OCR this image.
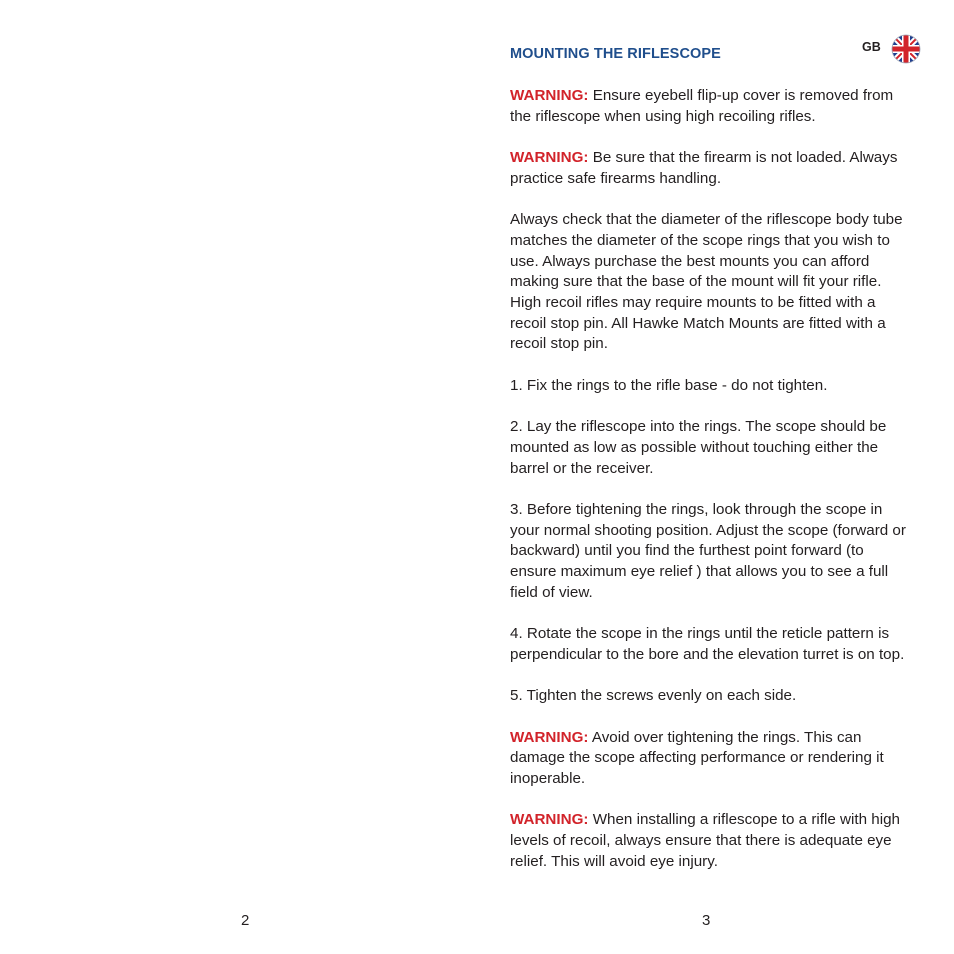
MOUNTING THE RIFLESCOPE	GB

WARNING: Ensure eyebell flip-up cover is removed from the riflescope when using high recoiling rifles.

WARNING: Be sure that the firearm is not loaded. Always practice safe firearms handling.

Always check that the diameter of the riflescope body tube matches the diameter of the scope rings that you wish to use. Always purchase the best mounts you can afford making sure that the base of the mount will fit your rifle. High recoil rifles may require mounts to be fitted with a recoil stop pin. All Hawke Match Mounts are fitted with a recoil stop pin.

1. Fix the rings to the rifle base - do not tighten.

2. Lay the riflescope into the rings. The scope should be mounted as low as possible without touching either the barrel or the receiver.

3. Before tightening the rings, look through the scope in your normal shooting position. Adjust the scope (forward or backward) until you find the furthest point forward (to ensure maximum eye relief ) that allows you to see a full field of view.

4. Rotate the scope in the rings until the reticle pattern is perpendicular to the bore and the elevation turret is on top.

5. Tighten the screws evenly on each side.

WARNING: Avoid over tightening the rings. This can damage the scope affecting performance or rendering it inoperable.

WARNING: When installing a riflescope to a rifle with high levels of recoil, always ensure that there is adequate eye relief. This will avoid eye injury.

2	3
